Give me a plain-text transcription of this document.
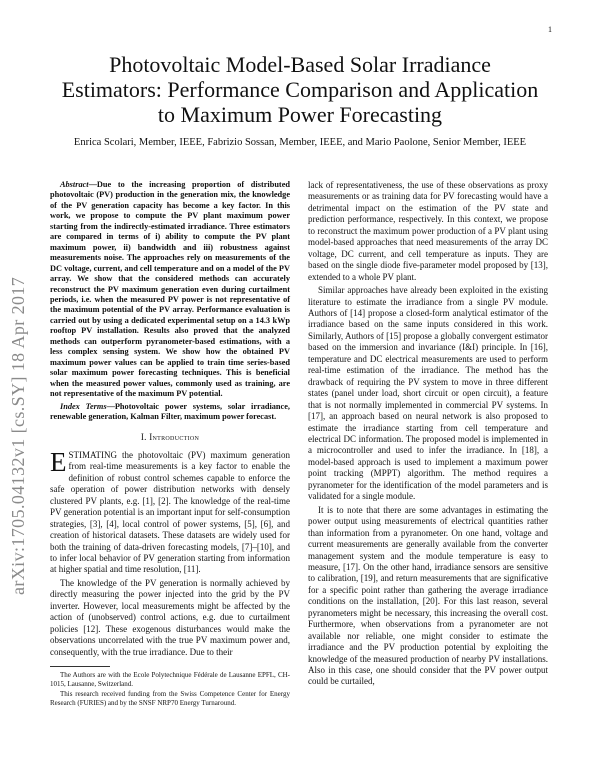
1
arXiv:1705.04132v1 [cs.SY] 18 Apr 2017
Photovoltaic Model-Based Solar Irradiance Estimators: Performance Comparison and Application to Maximum Power Forecasting
Enrica Scolari, Member, IEEE, Fabrizio Sossan, Member, IEEE, and Mario Paolone, Senior Member, IEEE

Abstract—Due to the increasing proportion of distributed photovoltaic (PV) production in the generation mix, the knowledge of the PV generation capacity has become a key factor. In this work, we propose to compute the PV plant maximum power starting from the indirectly-estimated irradiance. Three estimators are compared in terms of i) ability to compute the PV plant maximum power, ii) bandwidth and iii) robustness against measurements noise. The approaches rely on measurements of the DC voltage, current, and cell temperature and on a model of the PV array. We show that the considered methods can accurately reconstruct the PV maximum generation even during curtailment periods, i.e. when the measured PV power is not representative of the maximum potential of the PV array. Performance evaluation is carried out by using a dedicated experimental setup on a 14.3 kWp rooftop PV installation. Results also proved that the analyzed methods can outperform pyranometer-based estimations, with a less complex sensing system. We show how the obtained PV maximum power values can be applied to train time series-based solar maximum power forecasting techniques. This is beneficial when the measured power values, commonly used as training, are not representative of the maximum PV potential.

Index Terms—Photovoltaic power systems, solar irradiance, renewable generation, Kalman Filter, maximum power forecast.

I. Introduction

ESTIMATING the photovoltaic (PV) maximum generation from real-time measurements is a key factor to enable the definition of robust control schemes capable to enforce the safe operation of power distribution networks with densely clustered PV plants, e.g. [1], [2]. The knowledge of the real-time PV generation potential is an important input for self-consumption strategies, [3], [4], local control of power systems, [5], [6], and creation of historical datasets. These datasets are widely used for both the training of data-driven forecasting models, [7]–[10], and to infer local behavior of PV generation starting from information at higher spatial and time resolution, [11].

The knowledge of the PV generation is normally achieved by directly measuring the power injected into the grid by the PV inverter. However, local measurements might be affected by the action of (unobserved) control actions, e.g. due to curtailment policies [12]. These exogenous disturbances would make the observations uncorrelated with the true PV maximum power and, consequently, with the true irradiance. Due to their

The Authors are with the Ecole Polytechnique Fédérale de Lausanne EPFL, CH-1015, Lausanne, Switzerland.

This research received funding from the Swiss Competence Center for Energy Research (FURIES) and by the SNSF NRP70 Energy Turnaround.

lack of representativeness, the use of these observations as proxy measurements or as training data for PV forecasting would have a detrimental impact on the estimation of the PV state and prediction performance, respectively. In this context, we propose to reconstruct the maximum power production of a PV plant using model-based approaches that need measurements of the array DC voltage, DC current, and cell temperature as inputs. They are based on the single diode five-parameter model proposed by [13], extended to a whole PV plant.

Similar approaches have already been exploited in the existing literature to estimate the irradiance from a single PV module. Authors of [14] propose a closed-form analytical estimator of the irradiance based on the same inputs considered in this work. Similarly, Authors of [15] propose a globally convergent estimator based on the immersion and invariance (I&I) principle. In [16], temperature and DC electrical measurements are used to perform real-time estimation of the irradiance. The method has the drawback of requiring the PV system to move in three different states (panel under load, short circuit or open circuit), a feature that is not normally implemented in commercial PV systems. In [17], an approach based on neural network is also proposed to estimate the irradiance starting from cell temperature and electrical DC information. The proposed model is implemented in a microcontroller and used to infer the irradiance. In [18], a model-based approach is used to implement a maximum power point tracking (MPPT) algorithm. The method requires a pyranometer for the identification of the model parameters and is validated for a single module.

It is to note that there are some advantages in estimating the power output using measurements of electrical quantities rather than information from a pyranometer. On one hand, voltage and current measurements are generally available from the converter management system and the module temperature is easy to measure, [17]. On the other hand, irradiance sensors are sensitive to calibration, [19], and return measurements that are significative for a specific point rather than gathering the average irradiance conditions on the installation, [20]. For this last reason, several pyranometers might be necessary, this increasing the overall cost. Furthermore, when observations from a pyranometer are not available nor reliable, one might consider to estimate the irradiance and the PV production potential by exploiting the knowledge of the measured production of nearby PV installations. Also in this case, one should consider that the PV power output could be curtailed,
